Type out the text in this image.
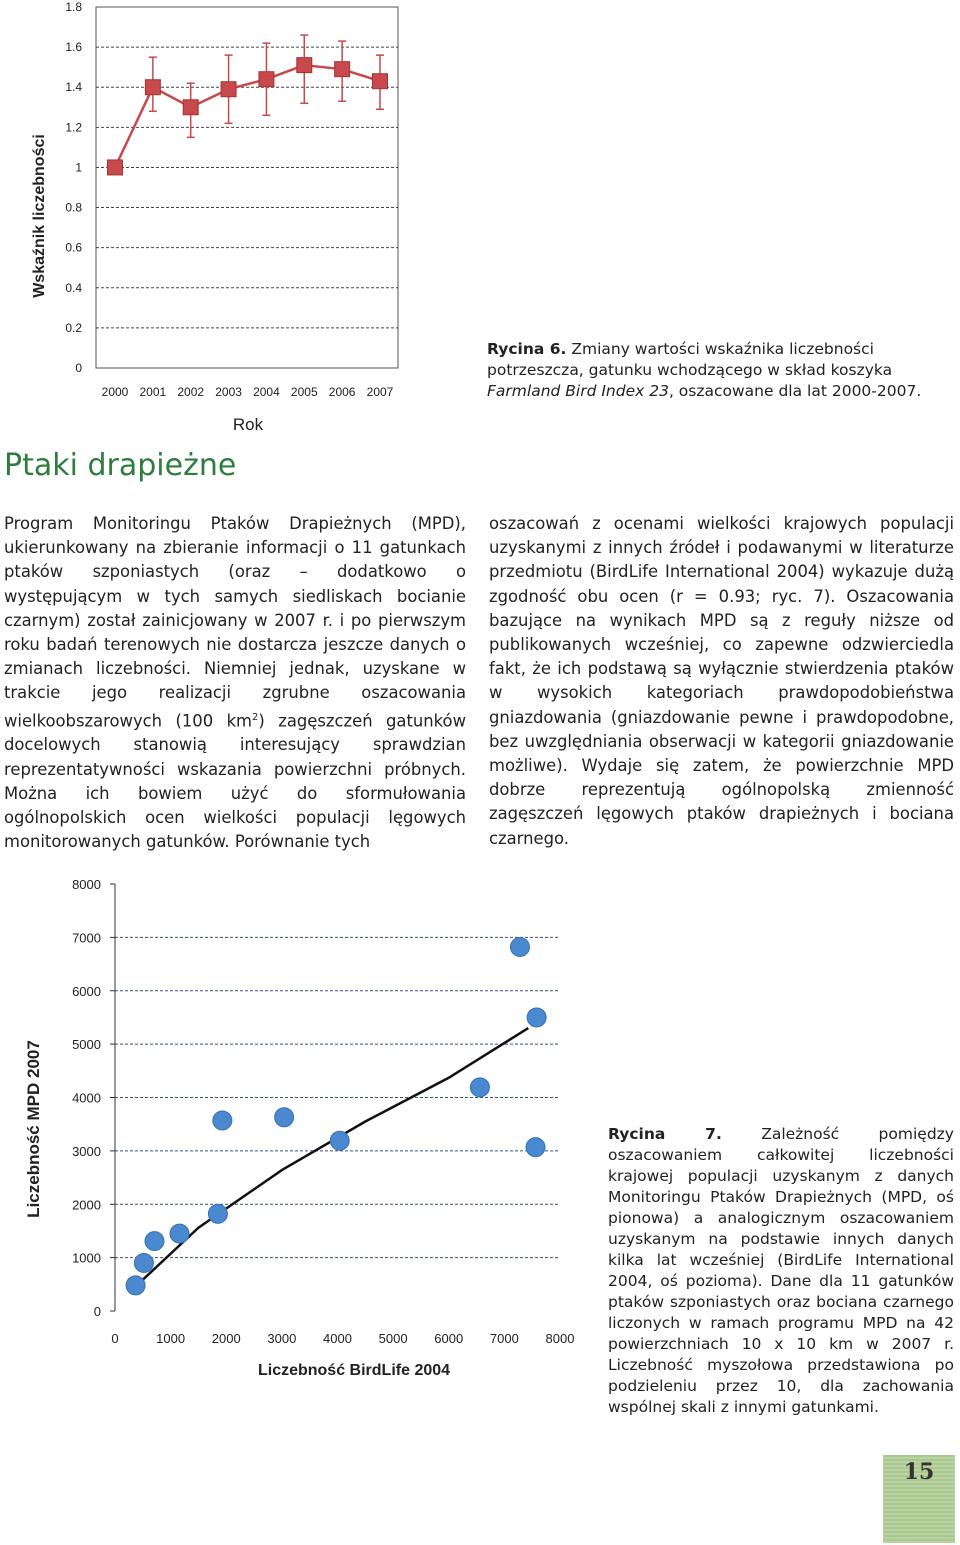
0
0.2
0.4
0.6
0.8
1
1.2
1.4
1.6
1.8
2000 2001 2002 2003 2004 2005 2006 2007
Wskaźnik liczebności
Rok
Rycina 6. Zmiany wartości wskaźnika liczebności potrzeszcza, gatunku wchodzącego w skład koszyka Farmland Bird Index 23, oszacowane dla lat 2000-2007.
Ptaki drapieżne
Program Monitoringu Ptaków Drapieżnych (MPD), ukierunkowany na zbieranie informacji o 11 gatunkach ptaków szponiastych (oraz – dodatkowo o występującym w tych samych siedliskach bocianie czarnym) został zainicjowany w 2007 r. i po pierwszym roku badań terenowych nie dostarcza jeszcze danych o zmianach liczebności. Niemniej jednak, uzyskane w trakcie jego realizacji zgrubne oszacowania wielkoobszarowych (100 $km^2$) zagęszczeń gatunków docelowych stanowią interesujący sprawdzian reprezentatywności wskazania powierzchni próbnych. Można ich bowiem użyć do sformułowania ogólnopolskich ocen wielkości populacji lęgowych monitorowanych gatunków. Porównanie tych
oszacowań z ocenami wielkości krajowych populacji uzyskanymi z innych źródeł i podawanymi w literaturze przedmiotu (BirdLife International 2004) wykazuje dużą zgodność obu ocen (r = 0.93; ryc. 7). Oszacowania bazujące na wynikach MPD są z reguły niższe od publikowanych wcześniej, co zapewne odzwierciedla fakt, że ich podstawą są wyłącznie stwierdzenia ptaków w wysokich kategoriach prawdopodobieństwa gniazdowania (gniazdowanie pewne i prawdopodobne, bez uwzględniania obserwacji w kategorii gniazdowanie możliwe). Wydaje się zatem, że powierzchnie MPD dobrze reprezentują ogólnopolską zmienność zagęszczeń lęgowych ptaków drapieżnych i bociana czarnego.
0
1000
2000
3000
4000
5000
6000
7000
8000
0	1000 2000 3000 4000 5000 6000 7000 8000
Liczebność MPD 2007
Liczebność BirdLife 2004
Rycina 7.	Zależność pomiędzy oszacowaniem całkowitej liczebności krajowej populacji uzyskanym z danych Monitoringu Ptaków Drapieżnych (MPD, oś pionowa) a analogicznym oszacowaniem uzyskanym na podstawie innych danych kilka lat wcześniej (BirdLife International 2004, oś pozioma). Dane dla 11 gatunków ptaków szponiastych oraz bociana czarnego liczonych w ramach programu MPD na 42 powierzchniach 10 x 10 km w 2007 r. Liczebność myszołowa przedstawiona po podzieleniu przez 10, dla zachowania wspólnej skali z innymi gatunkami.
15
